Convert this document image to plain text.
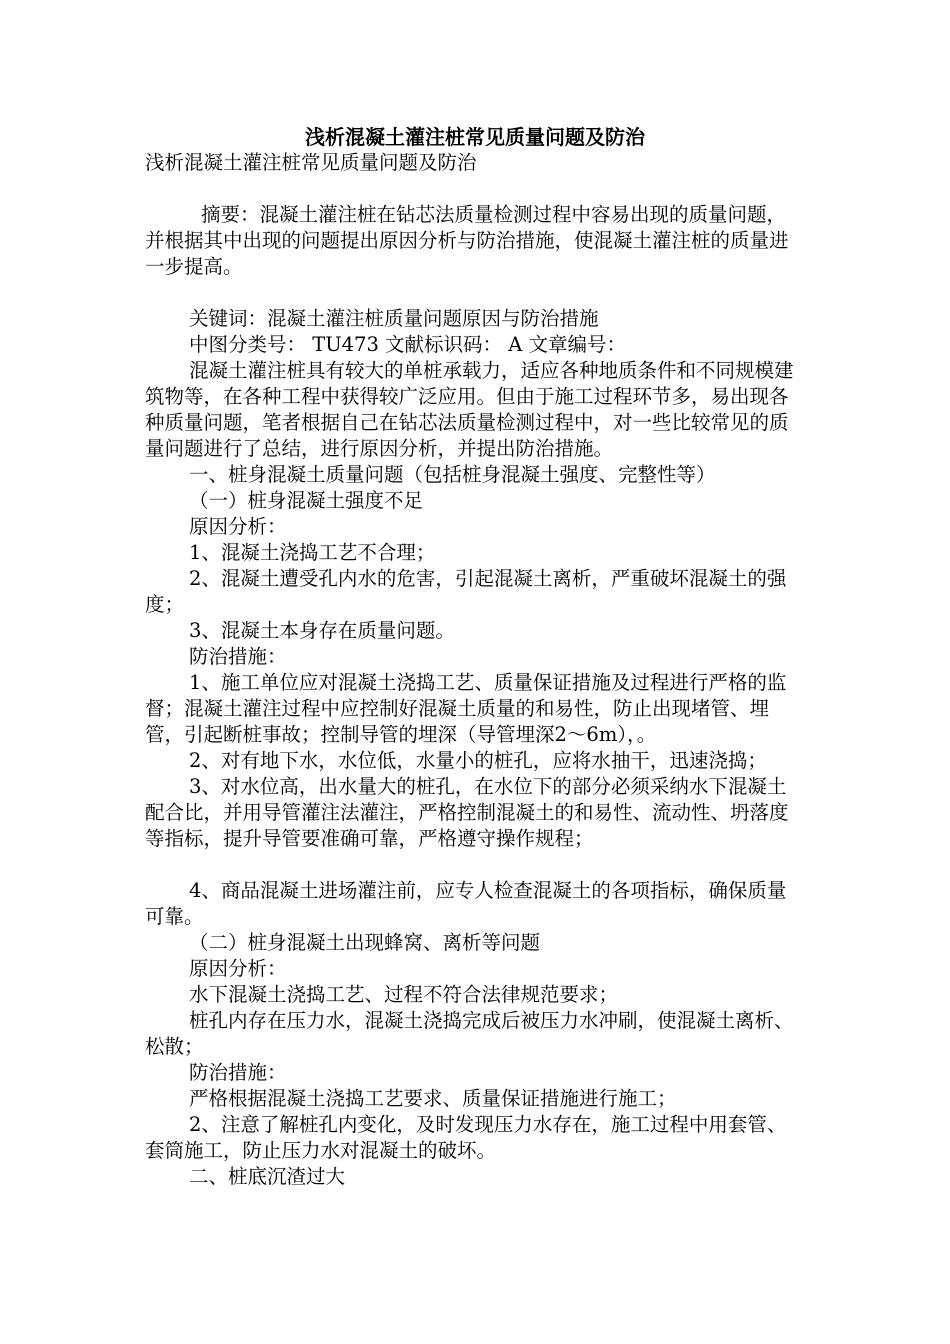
浅析混凝土灌注桩常见质量问题及防治

浅析混凝土灌注桩常见质量问题及防治

摘要：混凝土灌注桩在钻芯法质量检测过程中容易出现的质量问题，并根据其中出现的问题提出原因分析与防治措施，使混凝土灌注桩的质量进一步提高。

关键词：混凝土灌注桩质量问题原因与防治措施

中图分类号： TU473 文献标识码： A 文章编号：

混凝土灌注桩具有较大的单桩承载力，适应各种地质条件和不同规模建筑物等，在各种工程中获得较广泛应用。但由于施工过程环节多，易出现各种质量问题，笔者根据自己在钻芯法质量检测过程中，对一些比较常见的质量问题进行了总结，进行原因分析，并提出防治措施。

一、桩身混凝土质量问题（包括桩身混凝土强度、完整性等）

（一）桩身混凝土强度不足

原因分析：

1、混凝土浇捣工艺不合理；

2、混凝土遭受孔内水的危害，引起混凝土离析，严重破坏混凝土的强度；

3、混凝土本身存在质量问题。

防治措施：

1、施工单位应对混凝土浇捣工艺、质量保证措施及过程进行严格的监督；混凝土灌注过程中应控制好混凝土质量的和易性，防止出现堵管、埋管，引起断桩事故；控制导管的埋深（导管埋深2～6m），。

2、对有地下水，水位低，水量小的桩孔，应将水抽干，迅速浇捣；

3、对水位高，出水量大的桩孔，在水位下的部分必须采纳水下混凝土配合比，并用导管灌注法灌注，严格控制混凝土的和易性、流动性、坍落度等指标，提升导管要准确可靠，严格遵守操作规程；

4、商品混凝土进场灌注前，应专人检查混凝土的各项指标，确保质量可靠。

（二）桩身混凝土出现蜂窝、离析等问题

原因分析：

水下混凝土浇捣工艺、过程不符合法律规范要求；

桩孔内存在压力水，混凝土浇捣完成后被压力水冲刷，使混凝土离析、松散；

防治措施：

严格根据混凝土浇捣工艺要求、质量保证措施进行施工；

2、注意了解桩孔内变化，及时发现压力水存在，施工过程中用套管、套筒施工，防止压力水对混凝土的破坏。

二、桩底沉渣过大
